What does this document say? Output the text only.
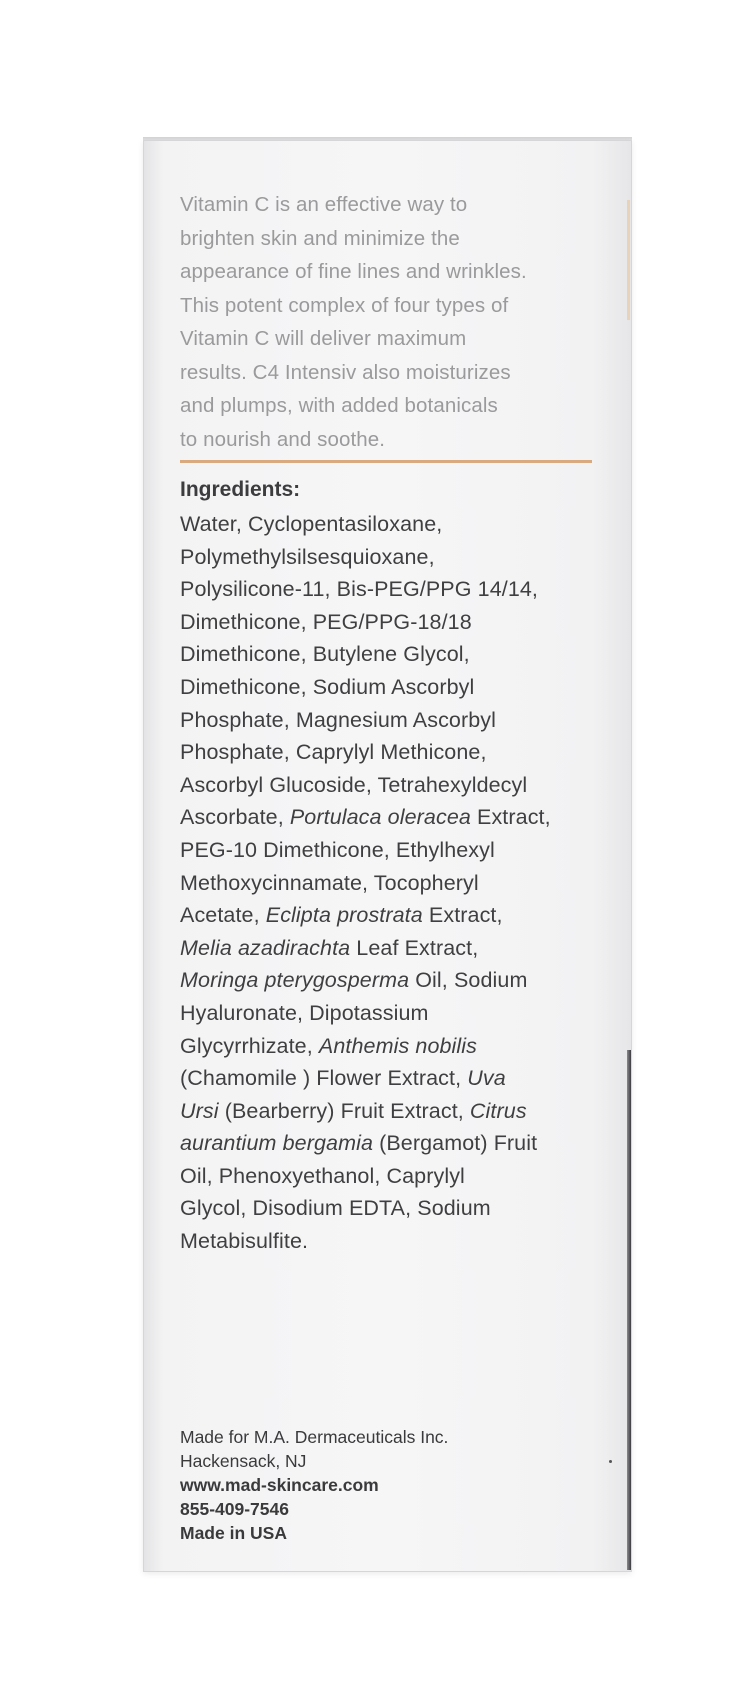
Vitamin C is an effective way to
brighten skin and minimize the
appearance of fine lines and wrinkles.
This potent complex of four types of
Vitamin C will deliver maximum
results. C4 Intensiv also moisturizes
and plumps, with added botanicals
to nourish and soothe.
Ingredients:
Water, Cyclopentasiloxane,
Polymethylsilsesquioxane,
Polysilicone-11, Bis-PEG/PPG 14/14,
Dimethicone, PEG/PPG-18/18
Dimethicone, Butylene Glycol,
Dimethicone, Sodium Ascorbyl
Phosphate, Magnesium Ascorbyl
Phosphate, Caprylyl Methicone,
Ascorbyl Glucoside, Tetrahexyldecyl
Ascorbate, Portulaca oleracea Extract,
PEG-10 Dimethicone, Ethylhexyl
Methoxycinnamate, Tocopheryl
Acetate, Eclipta prostrata Extract,
Melia azadirachta Leaf Extract,
Moringa pterygosperma Oil, Sodium
Hyaluronate, Dipotassium
Glycyrrhizate, Anthemis nobilis
(Chamomile ) Flower Extract, Uva
Ursi (Bearberry) Fruit Extract, Citrus
aurantium bergamia (Bergamot) Fruit
Oil, Phenoxyethanol, Caprylyl
Glycol, Disodium EDTA, Sodium
Metabisulfite.
Made for M.A. Dermaceuticals Inc.
Hackensack, NJ
www.mad-skincare.com
855-409-7546
Made in USA
